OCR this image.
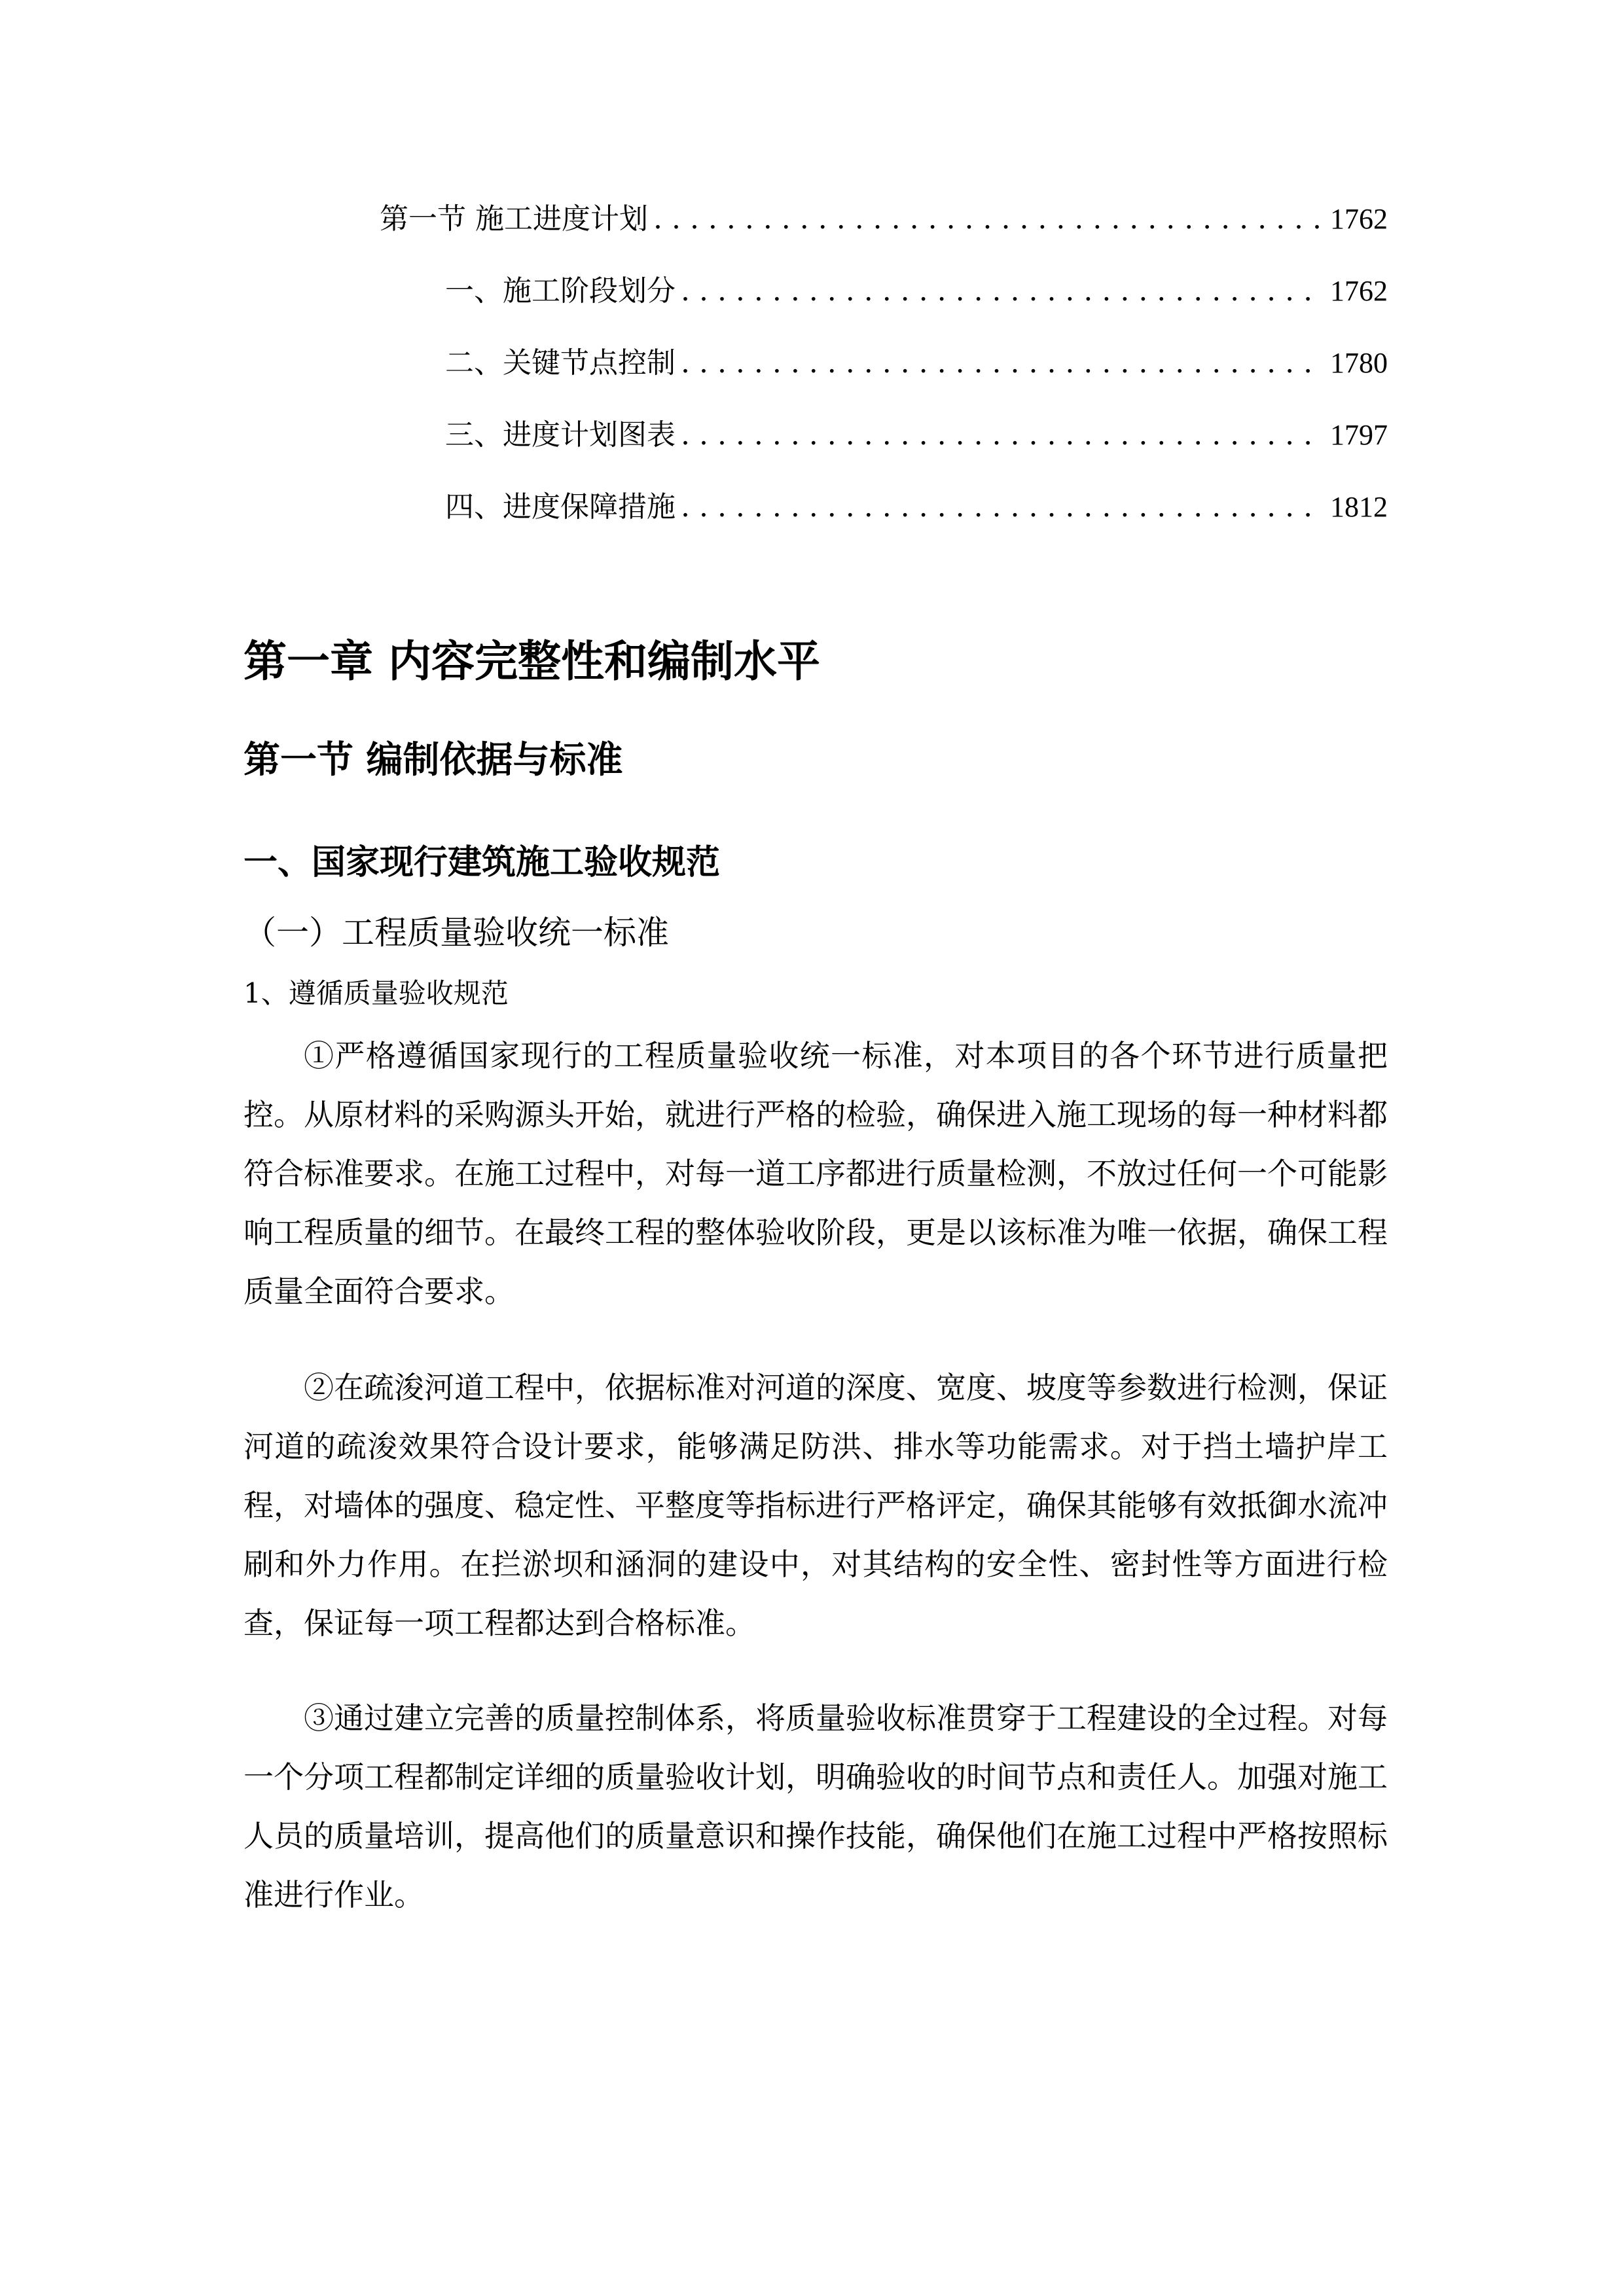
第一节 施工进度计划 . . .	1762
一、 施工阶段划分 . . .	1762
二、 关键节点控制 . . .	1780
三、 进度计划图表 . . .	1797
四、 进度保障措施 . . .	1812
第一章 内容完整性和编制水平
第一节 编制依据与标准
一、国家现行建筑施工验收规范
（一）工程质量验收统一标准
1、遵循质量验收规范

①严格遵循国家现行的工程质量验收统一标准，对本项目的各个环节进行质量把控。从原材料的采购源头开始，就进行严格的检验，确保进入施工现场的每一种材料都符合标准要求。在施工过程中，对每一道工序都进行质量检测，不放过任何一个可能影响工程质量的细节。在最终工程的整体验收阶段，更是以该标准为唯一依据，确保工程质量全面符合要求。

②在疏浚河道工程中，依据标准对河道的深度、宽度、坡度等参数进行检测，保证河道的疏浚效果符合设计要求，能够满足防洪、排水等功能需求。对于挡土墙护岸工程，对墙体的强度、稳定性、平整度等指标进行严格评定，确保其能够有效抵御水流冲刷和外力作用。在拦淤坝和涵洞的建设中，对其结构的安全性、密封性等方面进行检查，保证每一项工程都达到合格标准。

③通过建立完善的质量控制体系，将质量验收标准贯穿于工程建设的全过程。对每一个分项工程都制定详细的质量验收计划，明确验收的时间节点和责任人。加强对施工人员的质量培训，提高他们的质量意识和操作技能，确保他们在施工过程中严格按照标准进行作业。
